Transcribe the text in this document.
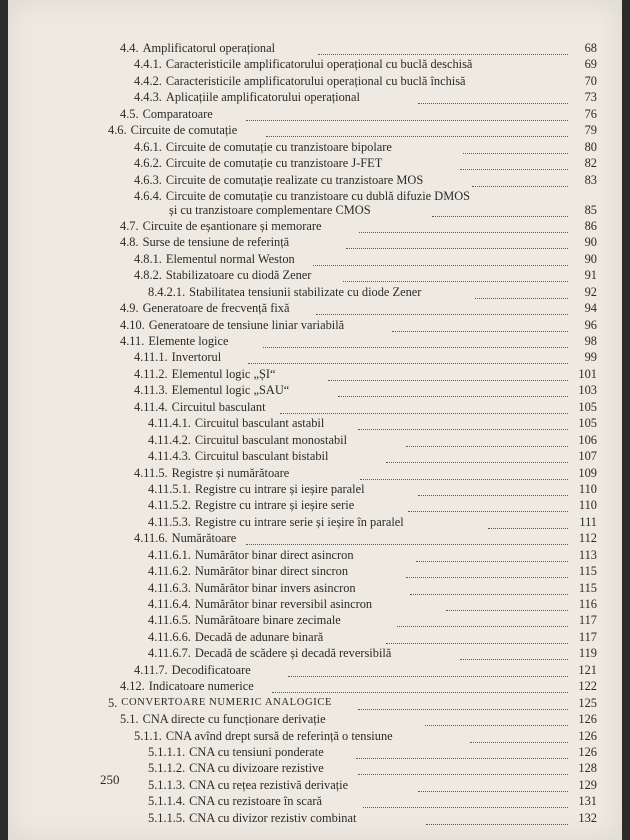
4.4. Amplificatorul operațional	68
4.4.1. Caracteristicile amplificatorului operațional cu buclă deschisă	69
4.4.2. Caracteristicile amplificatorului operațional cu buclă închisă	70
4.4.3. Aplicațiile amplificatorului operațional	73
4.5. Comparatoare	76
4.6. Circuite de comutație	79
4.6.1. Circuite de comutație cu tranzistoare bipolare	80
4.6.2. Circuite de comutație cu tranzistoare J-FET	82
4.6.3. Circuite de comutație realizate cu tranzistoare MOS	83
4.6.4. Circuite de comutație cu tranzistoare cu dublă difuzie DMOS
și cu tranzistoare complementare CMOS	85
4.7. Circuite de eșantionare și memorare	86
4.8. Surse de tensiune de referință	90
4.8.1. Elementul normal Weston	90
4.8.2. Stabilizatoare cu diodă Zener	91
8.4.2.1. Stabilitatea tensiunii stabilizate cu diode Zener	92
4.9. Generatoare de frecvență fixă	94
4.10. Generatoare de tensiune liniar variabilă	96
4.11. Elemente logice	98
4.11.1. Invertorul	99
4.11.2. Elementul logic „ȘI“	101
4.11.3. Elementul logic „SAU“	103
4.11.4. Circuitul basculant	105
4.11.4.1. Circuitul basculant astabil	105
4.11.4.2. Circuitul basculant monostabil	106
4.11.4.3. Circuitul basculant bistabil	107
4.11.5. Registre și numărătoare	109
4.11.5.1. Registre cu intrare și ieșire paralel	110
4.11.5.2. Registre cu intrare și ieșire serie	110
4.11.5.3. Registre cu intrare serie și ieșire în paralel	111
4.11.6. Numărătoare	112
4.11.6.1. Numărător binar direct asincron	113
4.11.6.2. Numărător binar direct sincron	115
4.11.6.3. Numărător binar invers asincron	115
4.11.6.4. Numărător binar reversibil asincron	116
4.11.6.5. Numărătoare binare zecimale	117
4.11.6.6. Decadă de adunare binară	117
4.11.6.7. Decadă de scădere și decadă reversibilă	119
4.11.7. Decodificatoare	121
4.12. Indicatoare numerice	122
5. CONVERTOARE NUMERIC ANALOGICE	125
5.1. CNA directe cu funcționare derivație	126
5.1.1. CNA avînd drept sursă de referință o tensiune	126
5.1.1.1. CNA cu tensiuni ponderate	126
5.1.1.2. CNA cu divizoare rezistive	128
5.1.1.3. CNA cu rețea rezistivă derivație	129
5.1.1.4. CNA cu rezistoare în scară	131
5.1.1.5. CNA cu divizor rezistiv combinat	132
250
